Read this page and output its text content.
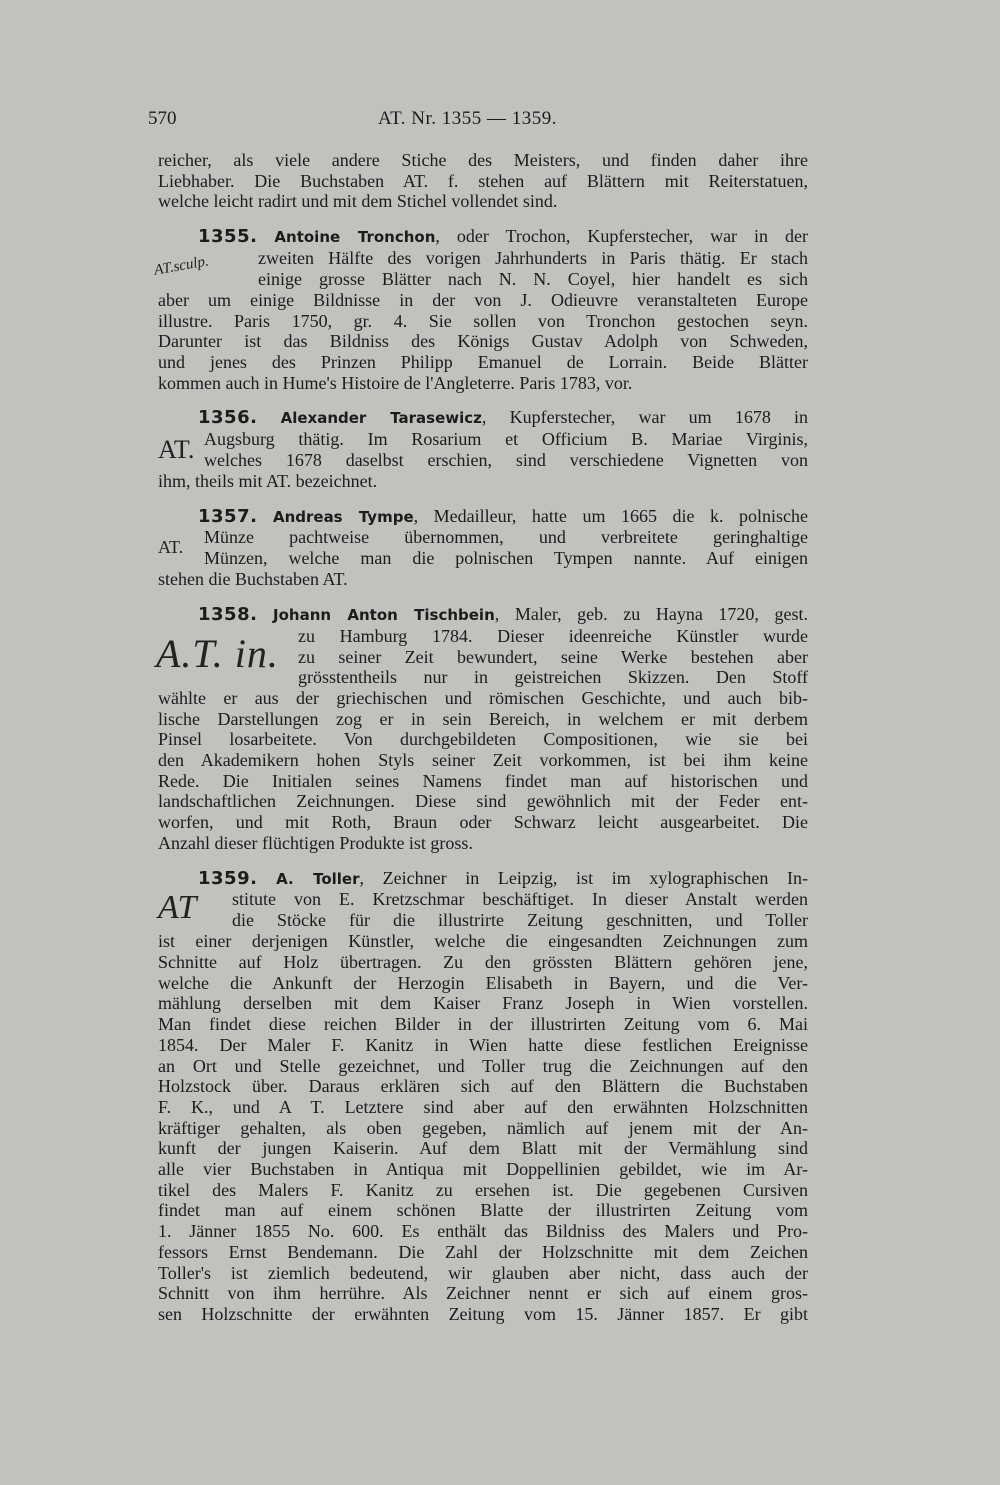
570	AT. Nr. 1355 — 1359.
reicher, als viele andere Stiche des Meisters, und finden daher ihre
Liebhaber. Die Buchstaben AT. f. stehen auf Blättern mit Reiterstatuen,
welche leicht radirt und mit dem Stichel vollendet sind.
1355. Antoine Tronchon, oder Trochon, Kupferstecher, war in der
AT.sculp.	zweiten Hälfte des vorigen Jahrhunderts in Paris thätig. Er stach
einige grosse Blätter nach N. N. Coyel, hier handelt es sich
aber um einige Bildnisse in der von J. Odieuvre veranstalteten Europe
illustre. Paris 1750, gr. 4. Sie sollen von Tronchon gestochen seyn.
Darunter ist das Bildniss des Königs Gustav Adolph von Schweden,
und jenes des Prinzen Philipp Emanuel de Lorrain. Beide Blätter
kommen auch in Hume's Histoire de l'Angleterre. Paris 1783, vor.
1356. Alexander Tarasewicz, Kupferstecher, war um 1678 in
AT. Augsburg thätig. Im Rosarium et Officium B. Mariae Virginis,
welches 1678 daselbst erschien, sind verschiedene Vignetten von
ihm, theils mit AT. bezeichnet.
1357. Andreas Tympe, Medailleur, hatte um 1665 die k. polnische
AT. Münze pachtweise übernommen, und verbreitete geringhaltige
Münzen, welche man die polnischen Tympen nannte. Auf einigen
stehen die Buchstaben AT.
1358. Johann Anton Tischbein, Maler, geb. zu Hayna 1720, gest.
A.T. in. zu Hamburg 1784. Dieser ideenreiche Künstler wurde
zu seiner Zeit bewundert, seine Werke bestehen aber
grösstentheils nur in geistreichen Skizzen. Den Stoff
wählte er aus der griechischen und römischen Geschichte, und auch bib-
lische Darstellungen zog er in sein Bereich, in welchem er mit derbem
Pinsel losarbeitete. Von durchgebildeten Compositionen, wie sie bei
den Akademikern hohen Styls seiner Zeit vorkommen, ist bei ihm keine
Rede. Die Initialen seines Namens findet man auf historischen und
landschaftlichen Zeichnungen. Diese sind gewöhnlich mit der Feder ent-
worfen, und mit Roth, Braun oder Schwarz leicht ausgearbeitet. Die
Anzahl dieser flüchtigen Produkte ist gross.
1359. A. Toller, Zeichner in Leipzig, ist im xylographischen In-
AT stitute von E. Kretzschmar beschäftiget. In dieser Anstalt werden
die Stöcke für die illustrirte Zeitung geschnitten, und Toller
ist einer derjenigen Künstler, welche die eingesandten Zeichnungen zum
Schnitte auf Holz übertragen. Zu den grössten Blättern gehören jene,
welche die Ankunft der Herzogin Elisabeth in Bayern, und die Ver-
mählung derselben mit dem Kaiser Franz Joseph in Wien vorstellen.
Man findet diese reichen Bilder in der illustrirten Zeitung vom 6. Mai
1854. Der Maler F. Kanitz in Wien hatte diese festlichen Ereignisse
an Ort und Stelle gezeichnet, und Toller trug die Zeichnungen auf den
Holzstock über. Daraus erklären sich auf den Blättern die Buchstaben
F. K., und A T. Letztere sind aber auf den erwähnten Holzschnitten
kräftiger gehalten, als oben gegeben, nämlich auf jenem mit der An-
kunft der jungen Kaiserin. Auf dem Blatt mit der Vermählung sind
alle vier Buchstaben in Antiqua mit Doppellinien gebildet, wie im Ar-
tikel des Malers F. Kanitz zu ersehen ist. Die gegebenen Cursiven
findet man auf einem schönen Blatte der illustrirten Zeitung vom
1. Jänner 1855 No. 600. Es enthält das Bildniss des Malers und Pro-
fessors Ernst Bendemann. Die Zahl der Holzschnitte mit dem Zeichen
Toller's ist ziemlich bedeutend, wir glauben aber nicht, dass auch der
Schnitt von ihm herrühre. Als Zeichner nennt er sich auf einem gros-
sen Holzschnitte der erwähnten Zeitung vom 15. Jänner 1857. Er gibt
